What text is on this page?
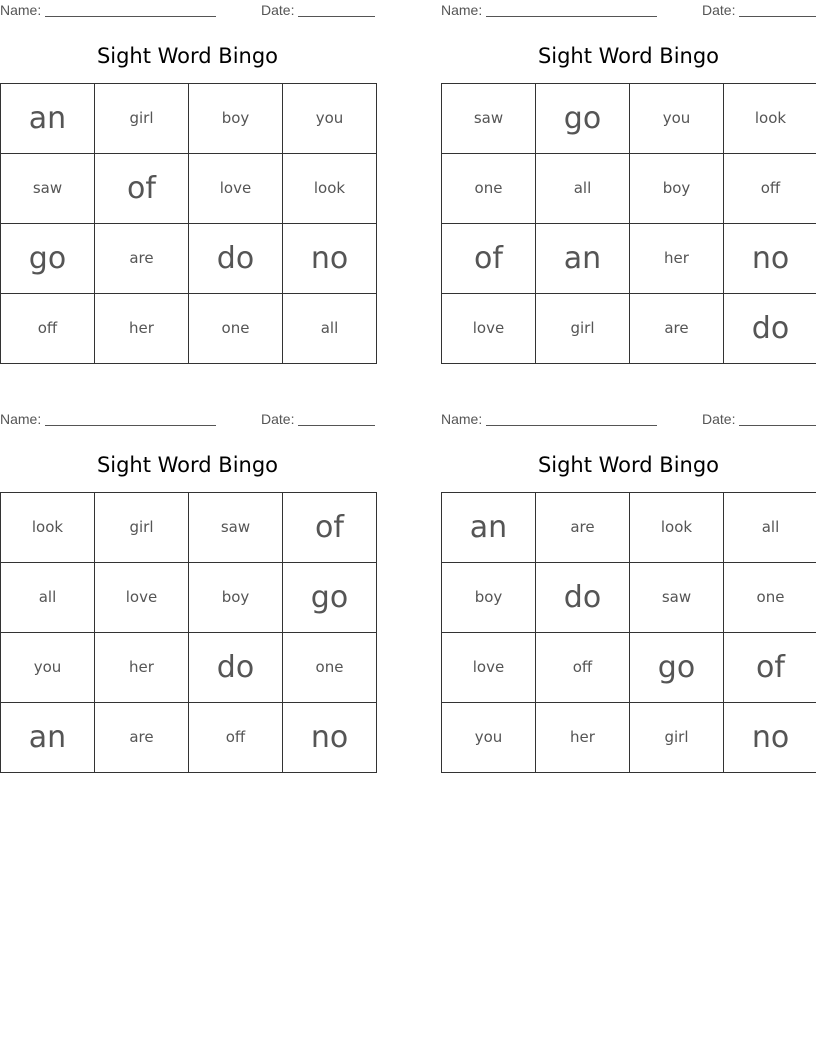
Name:	Date:
Sight Word Bingo
an	girl	boy	you
saw	of	love	look
go	are	do	no
off	her	one	all
Name:	Date:
Sight Word Bingo
saw	go	you	look
one	all	boy	off
of	an	her	no
love	girl	are	do
Name:	Date:
Sight Word Bingo
look	girl	saw	of
all	love	boy	go
you	her	do	one
an	are	off	no
Name:	Date:
Sight Word Bingo
an	are	look	all
boy	do	saw	one
love	off	go	of
you	her	girl	no
